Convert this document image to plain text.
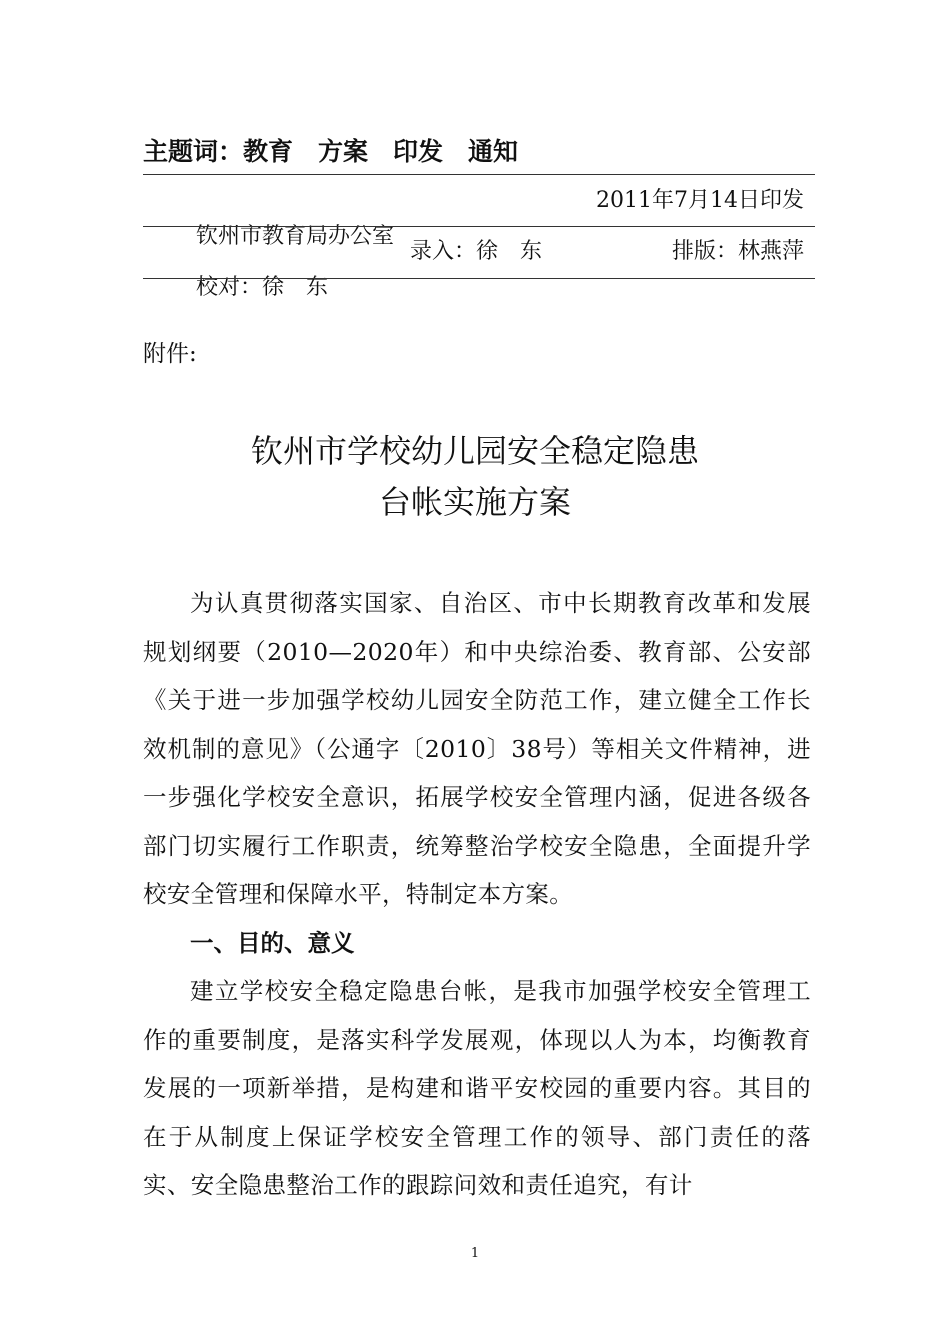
主题词：教育　方案　印发　通知

钦州市教育局办公室

2011年7月14日印发

校对：徐　东

录入：徐　东

	排版：林燕萍

附件:
钦州市学校幼儿园安全稳定隐患
台帐实施方案

为认真贯彻落实国家、自治区、市中长期教育改革和发展规划纲要（2010—2020年）和中央综治委、教育部、公安部《关于进一步加强学校幼儿园安全防范工作，建立健全工作长效机制的意见》（公通字〔2010〕38号）等相关文件精神，进一步强化学校安全意识，拓展学校安全管理内涵，促进各级各部门切实履行工作职责，统筹整治学校安全隐患，全面提升学校安全管理和保障水平，特制定本方案。

一、目的、意义

建立学校安全稳定隐患台帐，是我市加强学校安全管理工作的重要制度，是落实科学发展观，体现以人为本，均衡教育发展的一项新举措，是构建和谐平安校园的重要内容。其目的在于从制度上保证学校安全管理工作的领导、部门责任的落实、安全隐患整治工作的跟踪问效和责任追究，有计

1
